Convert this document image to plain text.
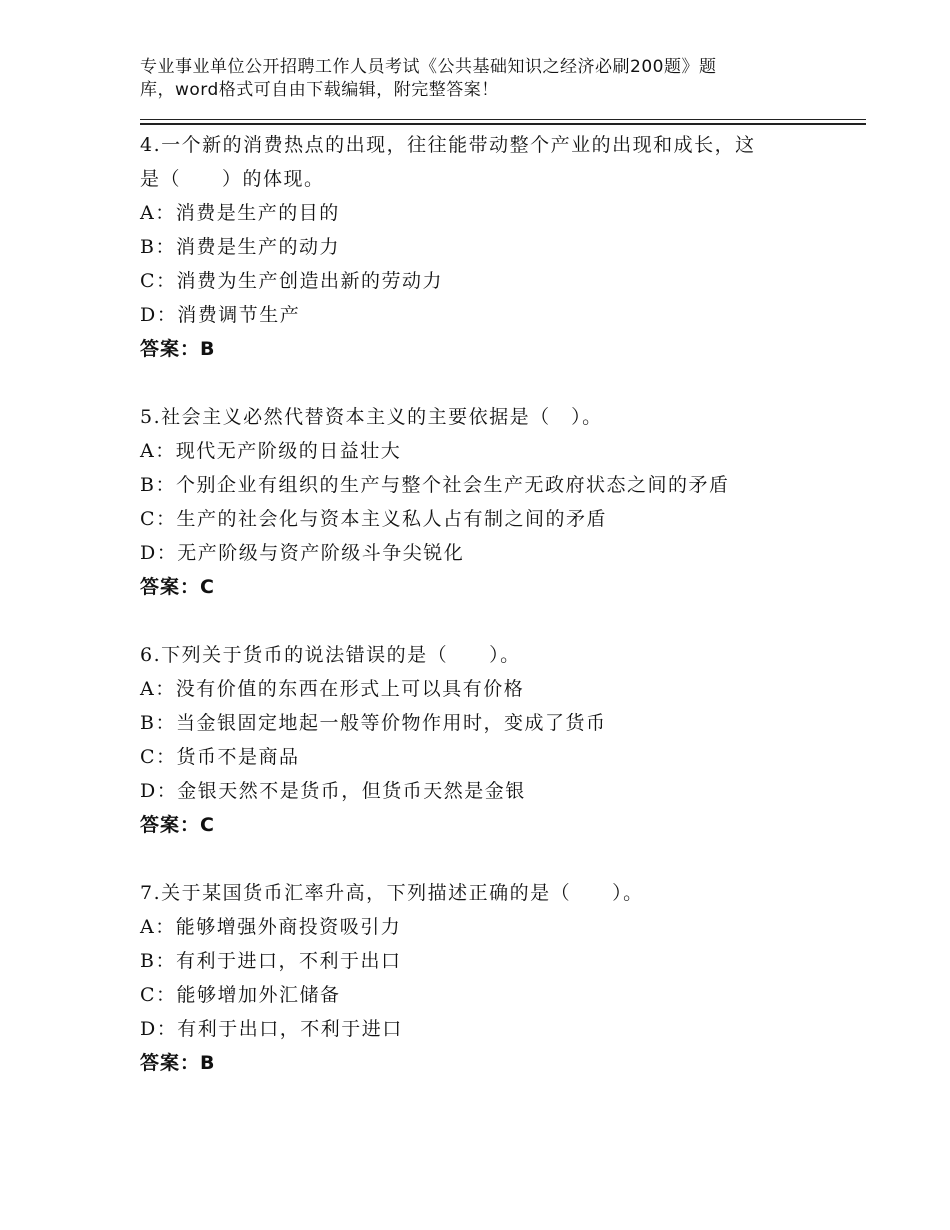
专业事业单位公开招聘工作人员考试《公共基础知识之经济必刷200题》题
库，word格式可自由下载编辑，附完整答案！
4.一个新的消费热点的出现，往往能带动整个产业的出现和成长，这
是（　　）的体现。
A：消费是生产的目的
B：消费是生产的动力
C：消费为生产创造出新的劳动力
D：消费调节生产
答案：B
5.社会主义必然代替资本主义的主要依据是（　）。
A：现代无产阶级的日益壮大
B：个别企业有组织的生产与整个社会生产无政府状态之间的矛盾
C：生产的社会化与资本主义私人占有制之间的矛盾
D：无产阶级与资产阶级斗争尖锐化
答案：C
6.下列关于货币的说法错误的是（　　）。
A：没有价值的东西在形式上可以具有价格
B：当金银固定地起一般等价物作用时，变成了货币
C：货币不是商品
D：金银天然不是货币，但货币天然是金银
答案：C
7.关于某国货币汇率升高，下列描述正确的是（　　）。
A：能够增强外商投资吸引力
B：有利于进口，不利于出口
C：能够增加外汇储备
D：有利于出口，不利于进口
答案：B
